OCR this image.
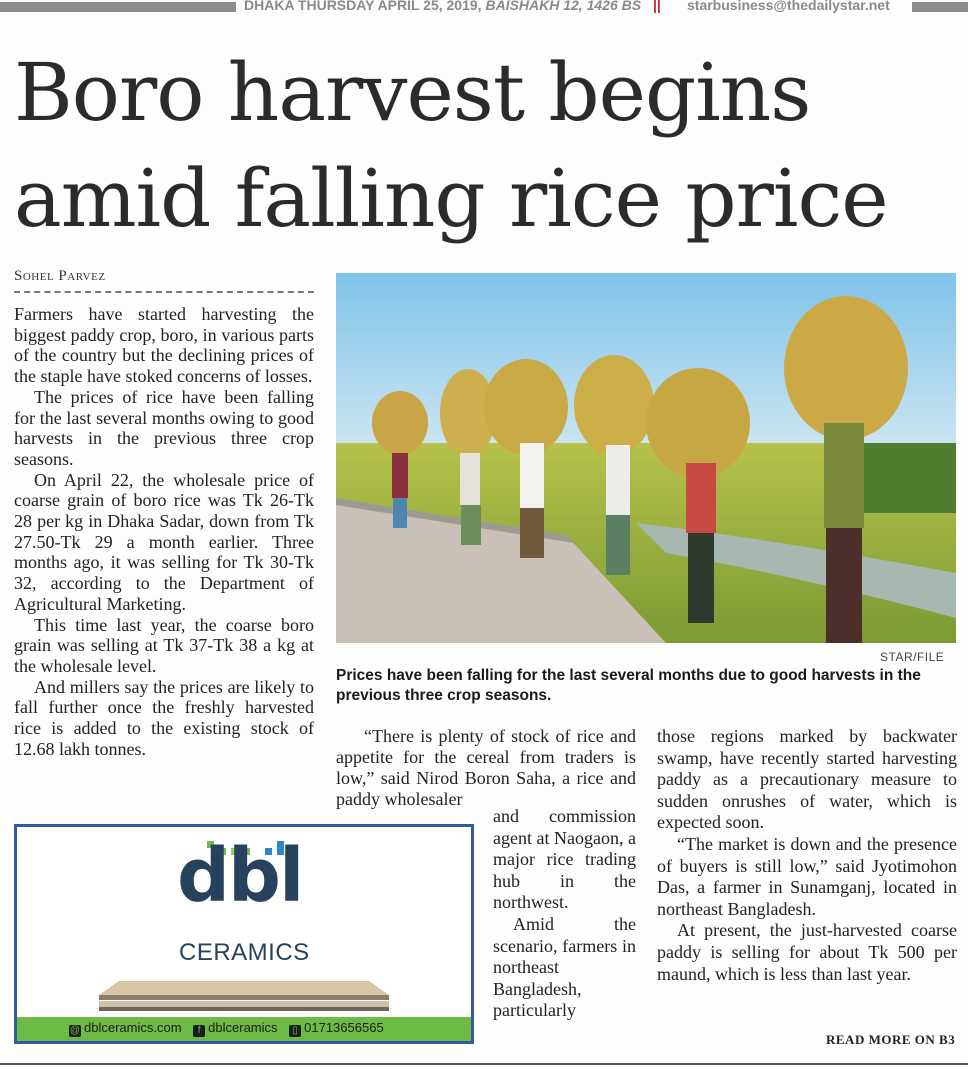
DHAKA THURSDAY APRIL 25, 2019, BAISHAKH 12, 1426 BS ||	starbusiness@thedailystar.net
Boro harvest begins
amid falling rice price
Sohel Parvez

Farmers have started harvesting the biggest paddy crop, boro, in various parts of the country but the declining prices of the staple have stoked concerns of losses.

The prices of rice have been falling for the last several months owing to good harvests in the previous three crop seasons.

On April 22, the wholesale price of coarse grain of boro rice was Tk 26-Tk 28 per kg in Dhaka Sadar, down from Tk 27.50-Tk 29 a month earlier. Three months ago, it was selling for Tk 30-Tk 32, according to the Department of Agricultural Marketing.

This time last year, the coarse boro grain was selling at Tk 37-Tk 38 a kg at the wholesale level.

And millers say the prices are likely to fall further once the freshly harvested rice is added to the existing stock of 12.68 lakh tonnes.

STAR/FILE
Prices have been falling for the last several months due to good harvests in the previous three crop seasons.
“There is plenty of stock of rice and appetite for the cereal from traders is low,” said Nirod Boron Saha, a rice and paddy wholesaler

and commission agent at Naogaon, a major rice trading hub in the northwest.

Amid the scenario, farmers in northeast Bangladesh, particularly

those regions marked by backwater swamp, have recently started harvesting paddy as a precautionary measure to sudden onrushes of water, which is expected soon.

“The market is down and the presence of buyers is still low,” said Jyotimohon Das, a farmer in Sunamganj, located in northeast Bangladesh.

At present, the just-harvested coarse paddy is selling for about Tk 500 per maund, which is less than last year.

READ MORE ON B3
dbl
CERAMICS
@ dblceramics.com f dblceramics ▯ 01713656565
